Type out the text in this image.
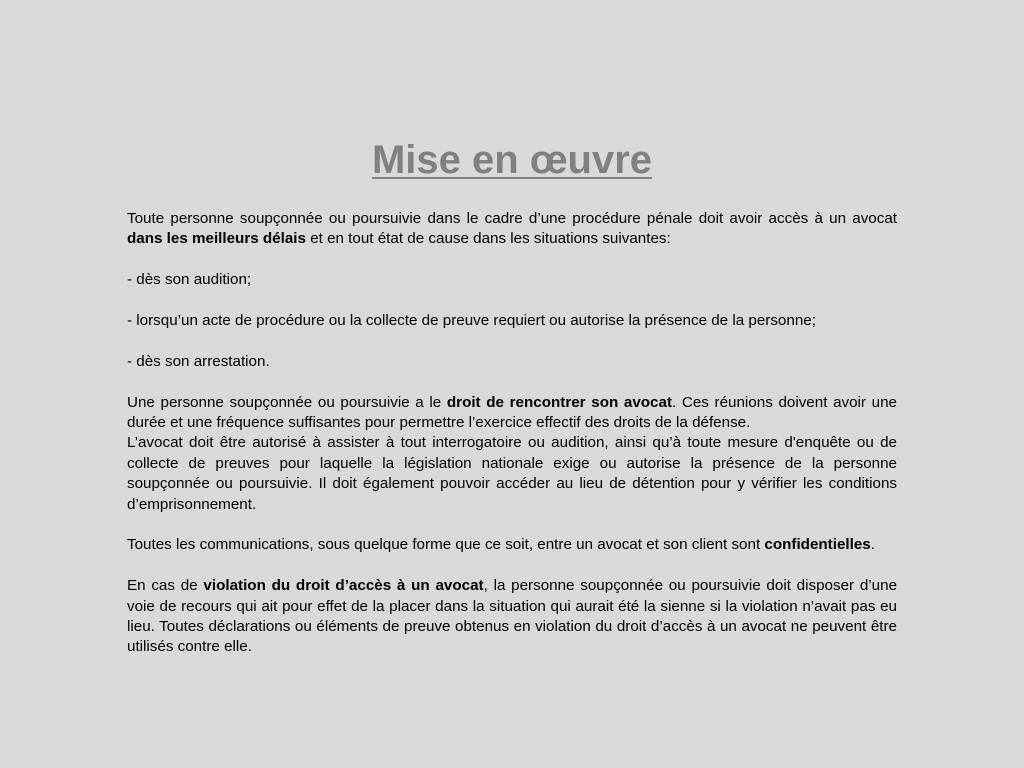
Mise en œuvre

Toute personne soupçonnée ou poursuivie dans le cadre d’une procédure pénale doit avoir accès à un avocat dans les meilleurs délais et en tout état de cause dans les situations suivantes:

- dès son audition;

- lorsqu’un acte de procédure ou la collecte de preuve requiert ou autorise la présence de la personne;

- dès son arrestation.

Une personne soupçonnée ou poursuivie a le droit de rencontrer son avocat. Ces réunions doivent avoir une durée et une fréquence suffisantes pour permettre l’exercice effectif des droits de la défense.

L’avocat doit être autorisé à assister à tout interrogatoire ou audition, ainsi qu’à toute mesure d'enquête ou de collecte de preuves pour laquelle la législation nationale exige ou autorise la présence de la personne soupçonnée ou poursuivie. Il doit également pouvoir accéder au lieu de détention pour y vérifier les conditions d’emprisonnement.

Toutes les communications, sous quelque forme que ce soit, entre un avocat et son client sont confidentielles.

En cas de violation du droit d’accès à un avocat, la personne soupçonnée ou poursuivie doit disposer d’une voie de recours qui ait pour effet de la placer dans la situation qui aurait été la sienne si la violation n’avait pas eu lieu. Toutes déclarations ou éléments de preuve obtenus en violation du droit d’accès à un avocat ne peuvent être utilisés contre elle.
